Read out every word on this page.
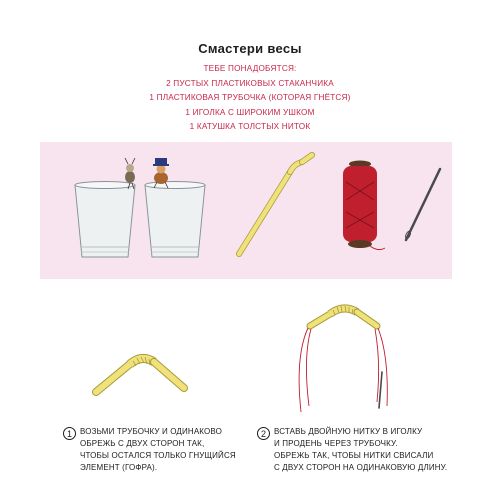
Смастери весы
ТЕБЕ ПОНАДОБЯТСЯ:
2 ПУСТЫХ ПЛАСТИКОВЫХ СТАКАНЧИКА
1 ПЛАСТИКОВАЯ ТРУБОЧКА (КОТОРАЯ ГНЁТСЯ)
1 ИГОЛКА С ШИРОКИМ УШКОМ
1 КАТУШКА ТОЛСТЫХ НИТОК
1	ВОЗЬМИ ТРУБОЧКУ И ОДИНАКОВО
ОБРЕЖЬ С ДВУХ СТОРОН ТАК,
ЧТОБЫ ОСТАЛСЯ ТОЛЬКО ГНУЩИЙСЯ
ЭЛЕМЕНТ (ГОФРА).
2	ВСТАВЬ ДВОЙНУЮ НИТКУ В ИГОЛКУ
И ПРОДЕНЬ ЧЕРЕЗ ТРУБОЧКУ.
ОБРЕЖЬ ТАК, ЧТОБЫ НИТКИ СВИСАЛИ
С ДВУХ СТОРОН НА ОДИНАКОВУЮ ДЛИНУ.
